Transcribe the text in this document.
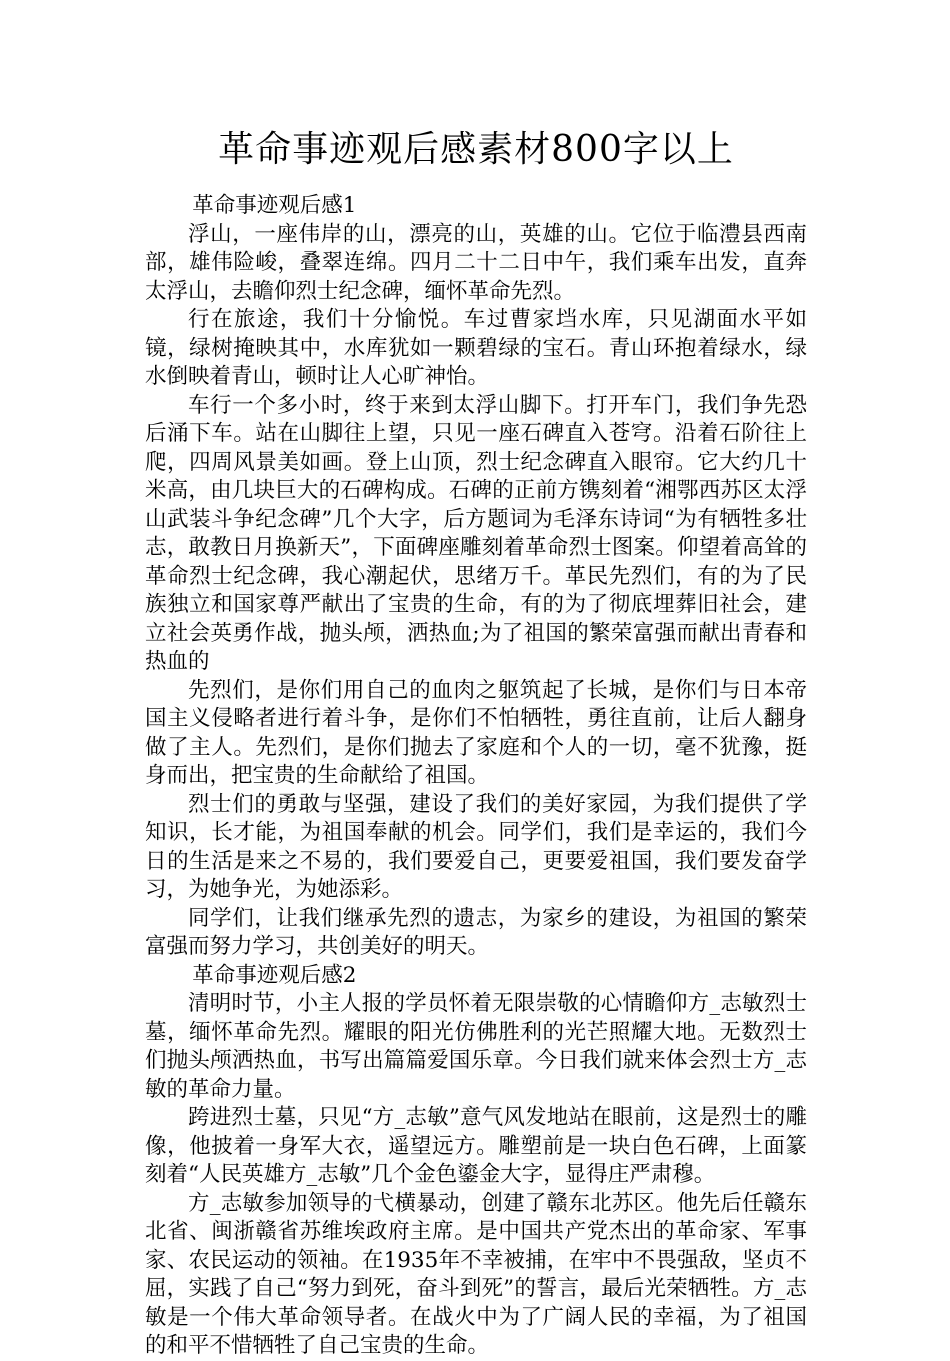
革命事迹观后感素材800字以上

革命事迹观后感1

浮山，一座伟岸的山，漂亮的山，英雄的山。它位于临澧县西南部，雄伟险峻，叠翠连绵。四月二十二日中午，我们乘车出发，直奔太浮山，去瞻仰烈士纪念碑，缅怀革命先烈。

行在旅途，我们十分愉悦。车过曹家垱水库，只见湖面水平如镜，绿树掩映其中，水库犹如一颗碧绿的宝石。青山环抱着绿水，绿水倒映着青山，顿时让人心旷神怡。

车行一个多小时，终于来到太浮山脚下。打开车门，我们争先恐后涌下车。站在山脚往上望，只见一座石碑直入苍穹。沿着石阶往上爬，四周风景美如画。登上山顶，烈士纪念碑直入眼帘。它大约几十米高，由几块巨大的石碑构成。石碑的正前方镌刻着“湘鄂西苏区太浮山武装斗争纪念碑”几个大字，后方题词为毛泽东诗词“为有牺牲多壮志，敢教日月换新天”，下面碑座雕刻着革命烈士图案。仰望着高耸的革命烈士纪念碑，我心潮起伏，思绪万千。革民先烈们，有的为了民族独立和国家尊严献出了宝贵的生命，有的为了彻底埋葬旧社会，建立社会英勇作战，抛头颅，洒热血;为了祖国的繁荣富强而献出青春和热血的

先烈们，是你们用自己的血肉之躯筑起了长城，是你们与日本帝国主义侵略者进行着斗争，是你们不怕牺牲，勇往直前，让后人翻身做了主人。先烈们，是你们抛去了家庭和个人的一切，毫不犹豫，挺身而出，把宝贵的生命献给了祖国。

烈士们的勇敢与坚强，建设了我们的美好家园，为我们提供了学知识，长才能，为祖国奉献的机会。同学们，我们是幸运的，我们今日的生活是来之不易的，我们要爱自己，更要爱祖国，我们要发奋学习，为她争光，为她添彩。

同学们，让我们继承先烈的遗志，为家乡的建设，为祖国的繁荣富强而努力学习，共创美好的明天。

革命事迹观后感2

清明时节，小主人报的学员怀着无限崇敬的心情瞻仰方_志敏烈士墓，缅怀革命先烈。耀眼的阳光仿佛胜利的光芒照耀大地。无数烈士们抛头颅洒热血，书写出篇篇爱国乐章。今日我们就来体会烈士方_志敏的革命力量。

跨进烈士墓，只见“方_志敏”意气风发地站在眼前，这是烈士的雕像，他披着一身军大衣，遥望远方。雕塑前是一块白色石碑，上面篆刻着“人民英雄方_志敏”几个金色鎏金大字，显得庄严肃穆。

方_志敏参加领导的弋横暴动，创建了赣东北苏区。他先后任赣东北省、闽浙赣省苏维埃政府主席。是中国共产党杰出的革命家、军事家、农民运动的领袖。在1935年不幸被捕，在牢中不畏强敌，坚贞不屈，实践了自己“努力到死，奋斗到死”的誓言，最后光荣牺牲。方_志敏是一个伟大革命领导者。在战火中为了广阔人民的幸福，为了祖国的和平不惜牺牲了自己宝贵的生命。
